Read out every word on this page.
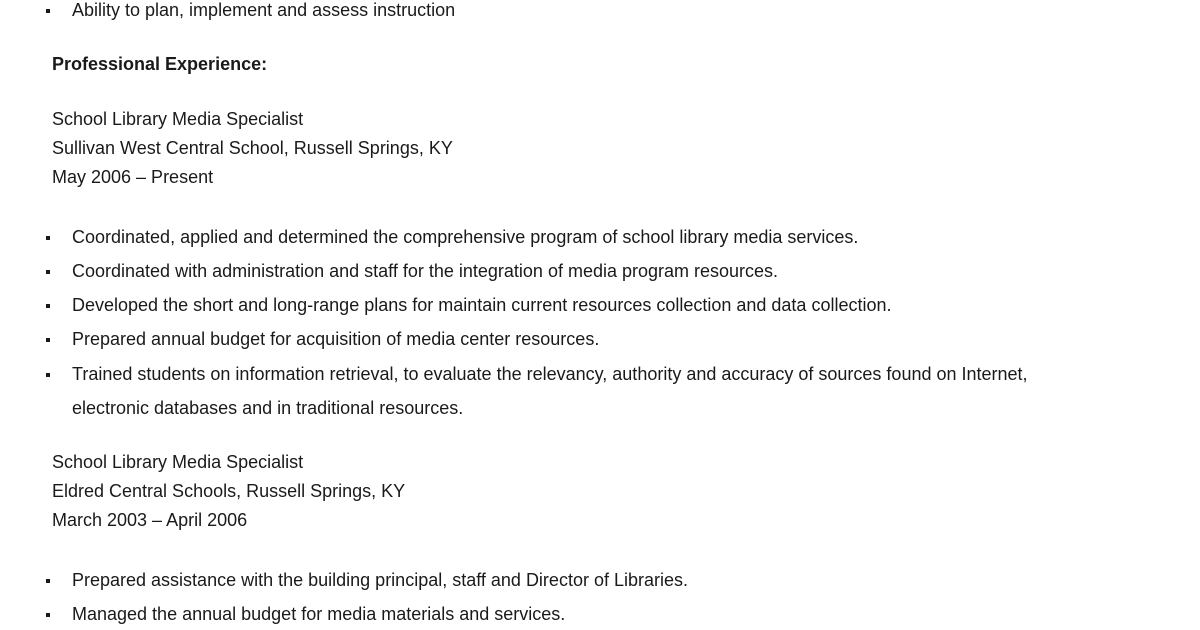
Ability to plan, implement and assess instruction
Professional Experience:
School Library Media Specialist
Sullivan West Central School, Russell Springs, KY
May 2006 – Present
Coordinated, applied and determined the comprehensive program of school library media services.
Coordinated with administration and staff for the integration of media program resources.
Developed the short and long-range plans for maintain current resources collection and data collection.
Prepared annual budget for acquisition of media center resources.
Trained students on information retrieval, to evaluate the relevancy, authority and accuracy of sources found on Internet,
electronic databases and in traditional resources.
School Library Media Specialist
Eldred Central Schools, Russell Springs, KY
March 2003 – April 2006
Prepared assistance with the building principal, staff and Director of Libraries.
Managed the annual budget for media materials and services.
